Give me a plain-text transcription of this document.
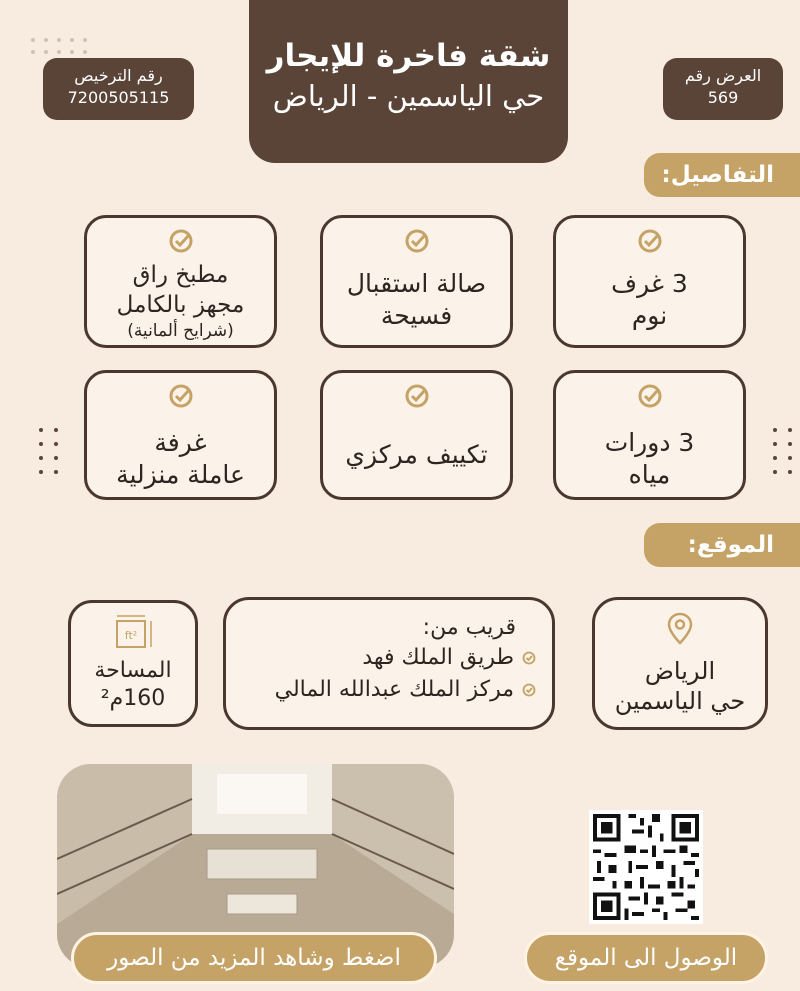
شقة فاخرة للإيجار
حي الياسمين - الرياض
رقم الترخيص
7200505115
العرض رقم
569
التفاصيل:
3 غرف
نوم
صالة استقبال
فسيحة
مطبخ راق
مجهز بالكامل
(شرايح ألمانية)
3 دورات
مياه
تكييف مركزي
غرفة
عاملة منزلية
الموقع:
الرياض
حي الياسمين
قريب من:
طريق الملك فهد
مركز الملك عبدالله المالي
ft²
المساحة
160م²
اضغط وشاهد المزيد من الصور	الوصول الى الموقع
